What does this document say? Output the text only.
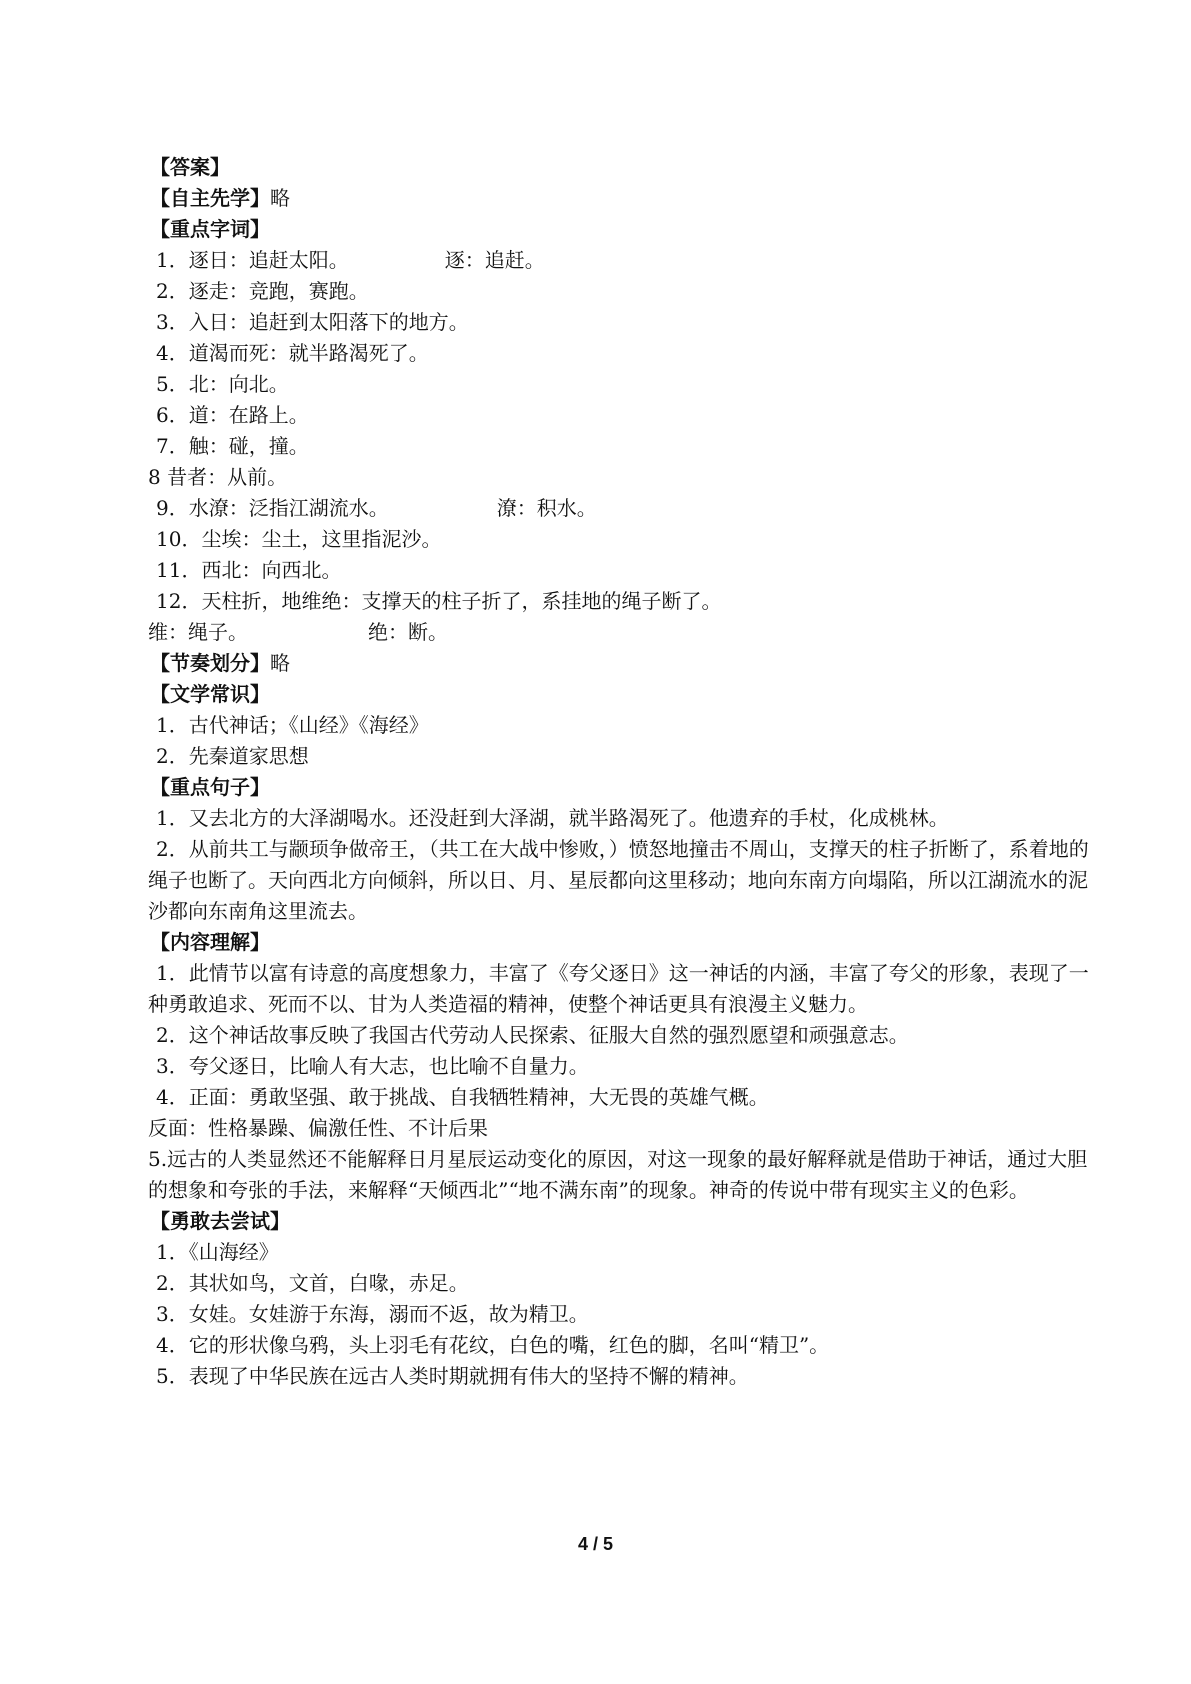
【答案】
【自主先学】略
【重点字词】
1．逐日：追赶太阳。	逐：追赶。
2．逐走：竞跑，赛跑。
3．入日：追赶到太阳落下的地方。
4．道渴而死：就半路渴死了。
5．北：向北。
6．道：在路上。
7．触：碰，撞。
8 昔者：从前。
9．水潦：泛指江湖流水。	潦：积水。
10．尘埃：尘土，这里指泥沙。
11．西北：向西北。
12．天柱折，地维绝：支撑天的柱子折了，系挂地的绳子断了。
维：绳子。	绝：断。
【节奏划分】略
【文学常识】
1．古代神话；《山经》《海经》
2．先秦道家思想
【重点句子】

1．又去北方的大泽湖喝水。还没赶到大泽湖，就半路渴死了。他遗弃的手杖，化成桃林。

2．从前共工与颛顼争做帝王，（共工在大战中惨败，）愤怒地撞击不周山，支撑天的柱子折断了，系着地的绳子也断了。天向西北方向倾斜，所以日、月、星辰都向这里移动；地向东南方向塌陷，所以江湖流水的泥沙都向东南角这里流去。

【内容理解】

1．此情节以富有诗意的高度想象力，丰富了《夸父逐日》这一神话的内涵，丰富了夸父的形象，表现了一种勇敢追求、死而不以、甘为人类造福的精神，使整个神话更具有浪漫主义魅力。

2．这个神话故事反映了我国古代劳动人民探索、征服大自然的强烈愿望和顽强意志。

3．夸父逐日，比喻人有大志，也比喻不自量力。

4．正面：勇敢坚强、敢于挑战、自我牺牲精神，大无畏的英雄气概。

反面：性格暴躁、偏激任性、不计后果

5.远古的人类显然还不能解释日月星辰运动变化的原因，对这一现象的最好解释就是借助于神话，通过大胆的想象和夸张的手法，来解释“天倾西北”“地不满东南”的现象。神奇的传说中带有现实主义的色彩。

【勇敢去尝试】
1．《山海经》
2．其状如鸟，文首，白喙，赤足。
3．女娃。女娃游于东海，溺而不返，故为精卫。
4．它的形状像乌鸦，头上羽毛有花纹，白色的嘴，红色的脚，名叫“精卫”。
5．表现了中华民族在远古人类时期就拥有伟大的坚持不懈的精神。
4 / 5
